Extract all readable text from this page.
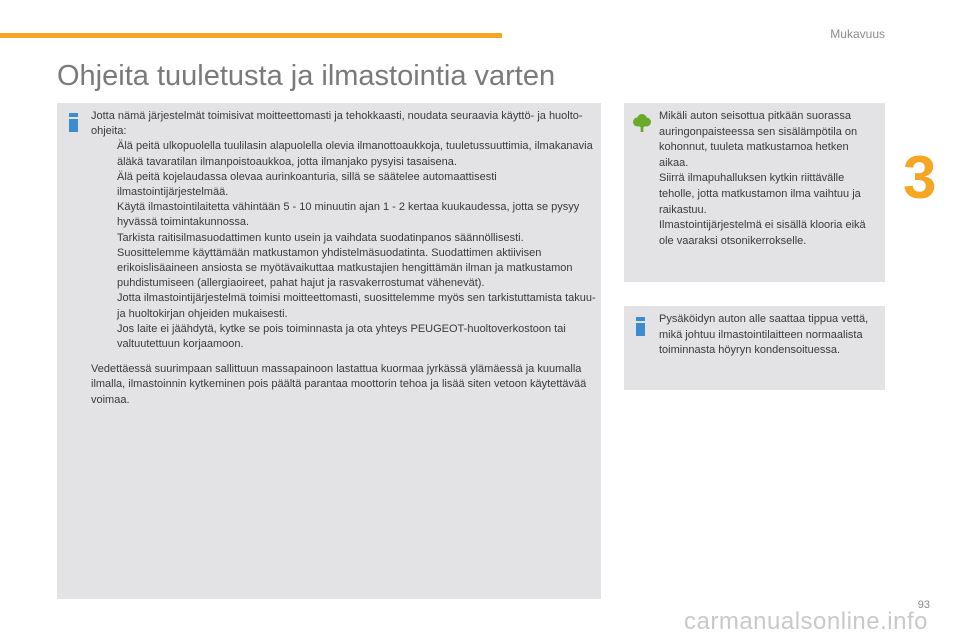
Mukavuus
Ohjeita tuuletusta ja ilmastointia varten
3

Jotta nämä järjestelmät toimisivat moitteettomasti ja tehokkaasti, noudata seuraavia käyttö- ja huolto-ohjeita:

Älä peitä ulkopuolella tuulilasin alapuolella olevia ilmanottoaukkoja, tuuletussuuttimia, ilmakanavia äläkä tavaratilan ilmanpoistoaukkoa, jotta ilmanjako pysyisi tasaisena.
Älä peitä kojelaudassa olevaa aurinkoanturia, sillä se säätelee automaattisesti ilmastointijärjestelmää.
Käytä ilmastointilaitetta vähintään 5 - 10 minuutin ajan 1 - 2 kertaa kuukaudessa, jotta se pysyy hyvässä toimintakunnossa.
Tarkista raitisilmasuodattimen kunto usein ja vaihdata suodatinpanos säännöllisesti. Suosittelemme käyttämään matkustamon yhdistelmäsuodatinta. Suodattimen aktiivisen erikoislisäaineen ansiosta se myötävaikuttaa matkustajien hengittämän ilman ja matkustamon puhdistumiseen (allergiaoireet, pahat hajut ja rasvakerrostumat vähenevät).
Jotta ilmastointijärjestelmä toimisi moitteettomasti, suosittelemme myös sen tarkistuttamista takuu- ja huoltokirjan ohjeiden mukaisesti.
Jos laite ei jäähdytä, kytke se pois toiminnasta ja ota yhteys PEUGEOT-huoltoverkostoon tai valtuutettuun korjaamoon.

Vedettäessä suurimpaan sallittuun massapainoon lastattua kuormaa jyrkässä ylämäessä ja kuumalla ilmalla, ilmastoinnin kytkeminen pois päältä parantaa moottorin tehoa ja lisää siten vetoon käytettävää voimaa.

Mikäli auton seisottua pitkään suorassa auringonpaisteessa sen sisälämpötila on kohonnut, tuuleta matkustamoa hetken aikaa.

Siirrä ilmapuhalluksen kytkin riittävälle teholle, jotta matkustamon ilma vaihtuu ja raikastuu.

Ilmastointijärjestelmä ei sisällä klooria eikä ole vaaraksi otsonikerrokselle.

Pysäköidyn auton alle saattaa tippua vettä, mikä johtuu ilmastointilaitteen normaalista toiminnasta höyryn kondensoituessa.

93
carmanualsonline.info
